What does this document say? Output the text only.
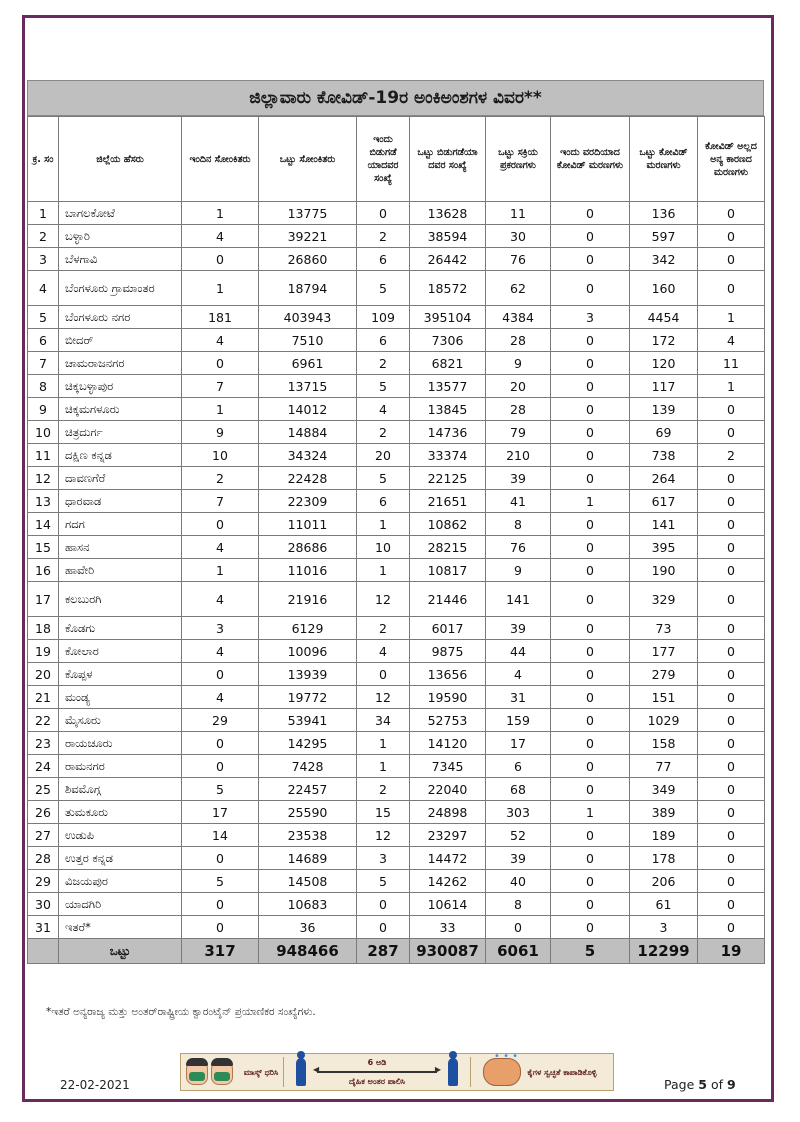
ಜಿಲ್ಲಾವಾರು ಕೋವಿಡ್-19ರ ಅಂಕಿಅಂಶಗಳ ವಿವರ**
ಕ್ರ. ಸಂ	ಜಿಲ್ಲೆಯ ಹೆಸರು	ಇಂದಿನ ಸೋಂಕಿತರು	ಒಟ್ಟು ಸೋಂಕಿತರು	ಇಂದು ಬಿಡುಗಡೆ ಯಾದವರ ಸಂಖ್ಯೆ	ಒಟ್ಟು ಬಿಡುಗಡೆಯಾ ದವರ ಸಂಖ್ಯೆ	ಒಟ್ಟು ಸಕ್ರಿಯ ಪ್ರಕರಣಗಳು	ಇಂದು ವರದಿಯಾದ ಕೋವಿಡ್ ಮರಣಗಳು	ಒಟ್ಟು ಕೋವಿಡ್ ಮರಣಗಳು	ಕೋವಿಡ್ ಅಲ್ಲದ ಅನ್ಯ ಕಾರಣದ ಮರಣಗಳು
1	ಬಾಗಲಕೋಟೆ	1	13775	0	13628	11	0	136	0
2	ಬಳ್ಳಾರಿ	4	39221	2	38594	30	0	597	0
3	ಬೆಳಗಾವಿ	0	26860	6	26442	76	0	342	0
4	ಬೆಂಗಳೂರು ಗ್ರಾಮಾಂತರ	1	18794	5	18572	62	0	160	0
5	ಬೆಂಗಳೂರು ನಗರ	181	403943	109	395104	4384	3	4454	1
6	ಬೀದರ್	4	7510	6	7306	28	0	172	4
7	ಚಾಮರಾಜನಗರ	0	6961	2	6821	9	0	120	11
8	ಚಿಕ್ಕಬಳ್ಳಾಪುರ	7	13715	5	13577	20	0	117	1
9	ಚಿಕ್ಕಮಗಳೂರು	1	14012	4	13845	28	0	139	0
10	ಚಿತ್ರದುರ್ಗ	9	14884	2	14736	79	0	69	0
11	ದಕ್ಷಿಣ ಕನ್ನಡ	10	34324	20	33374	210	0	738	2
12	ದಾವಣಗೆರೆ	2	22428	5	22125	39	0	264	0
13	ಧಾರವಾಡ	7	22309	6	21651	41	1	617	0
14	ಗದಗ	0	11011	1	10862	8	0	141	0
15	ಹಾಸನ	4	28686	10	28215	76	0	395	0
16	ಹಾವೇರಿ	1	11016	1	10817	9	0	190	0
17	ಕಲಬುರಗಿ	4	21916	12	21446	141	0	329	0
18	ಕೊಡಗು	3	6129	2	6017	39	0	73	0
19	ಕೋಲಾರ	4	10096	4	9875	44	0	177	0
20	ಕೊಪ್ಪಳ	0	13939	0	13656	4	0	279	0
21	ಮಂಡ್ಯ	4	19772	12	19590	31	0	151	0
22	ಮೈಸೂರು	29	53941	34	52753	159	0	1029	0
23	ರಾಯಚೂರು	0	14295	1	14120	17	0	158	0
24	ರಾಮನಗರ	0	7428	1	7345	6	0	77	0
25	ಶಿವಮೊಗ್ಗ	5	22457	2	22040	68	0	349	0
26	ತುಮಕೂರು	17	25590	15	24898	303	1	389	0
27	ಉಡುಪಿ	14	23538	12	23297	52	0	189	0
28	ಉತ್ತರ ಕನ್ನಡ	0	14689	3	14472	39	0	178	0
29	ವಿಜಯಪುರ	5	14508	5	14262	40	0	206	0
30	ಯಾದಗಿರಿ	0	10683	0	10614	8	0	61	0
31	ಇತರೆ*	0	36	0	33	0	0	3	0
	ಒಟ್ಟು	317	948466	287	930087	6061	5	12299	19
*ಇತರೆ ಅನ್ಯರಾಜ್ಯ ಮತ್ತು ಅಂತರ್‌ರಾಷ್ಟ್ರೀಯ ಕ್ವಾರಂಟೈನ್ ಪ್ರಯಾಣಿಕರ ಸಂಖ್ಯೆಗಳು.
ಮಾಸ್ಕ್ ಧರಿಸಿ
6 ಅಡಿ
◀ ▶
ದೈಹಿಕ ಅಂತರ ಪಾಲಿಸಿ
• • •
ಕೈಗಳ ಸ್ವಚ್ಛತೆ ಕಾಪಾಡಿಕೊಳ್ಳಿ
22-02-2021	Page 5 of 9
